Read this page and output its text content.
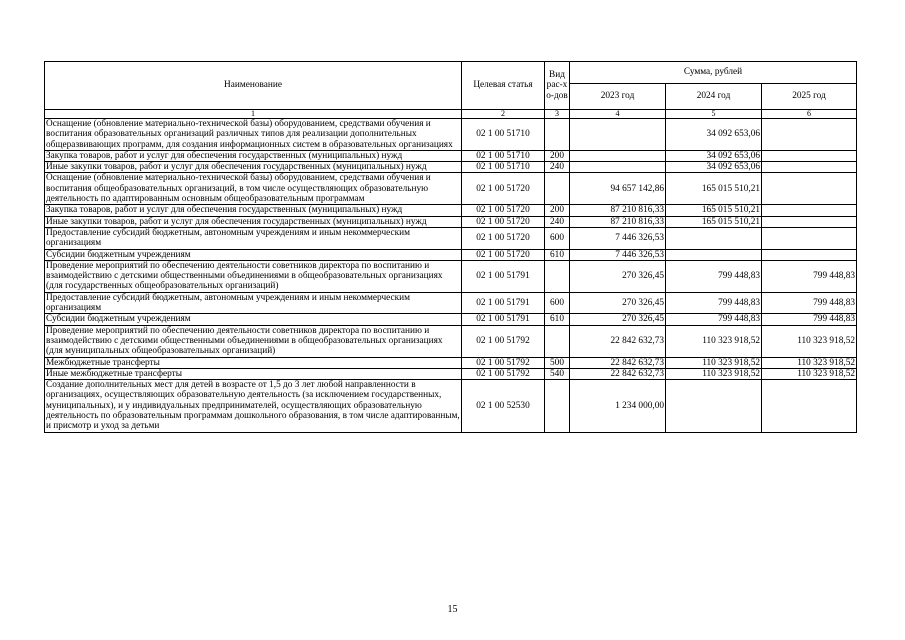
Наименование	Целевая статья	Вид рас-хо-дов	Сумма, рублей		
			2023 год	2024 год	2025 год
1	2	3	4	5	6
Оснащение (обновление материально-технической базы) оборудованием, средствами обучения и воспитания образовательных организаций различных типов для реализации дополнительных общеразвивающих программ, для создания информационных систем в образовательных организациях	02 1 00 51710			34 092 653,06	
Закупка товаров, работ и услуг для обеспечения государственных (муниципальных) нужд	02 1 00 51710	200		34 092 653,06	
Иные закупки товаров, работ и услуг для обеспечения государственных (муниципальных) нужд	02 1 00 51710	240		34 092 653,06	
Оснащение (обновление материально-технической базы) оборудованием, средствами обучения и воспитания общеобразовательных организаций, в том числе осуществляющих образовательную деятельность по адаптированным основным общеобразовательным программам	02 1 00 51720		94 657 142,86	165 015 510,21	
Закупка товаров, работ и услуг для обеспечения государственных (муниципальных) нужд	02 1 00 51720	200	87 210 816,33	165 015 510,21	
Иные закупки товаров, работ и услуг для обеспечения государственных (муниципальных) нужд	02 1 00 51720	240	87 210 816,33	165 015 510,21	
Предоставление субсидий бюджетным, автономным учреждениям и иным некоммерческим организациям	02 1 00 51720	600	7 446 326,53		
Субсидии бюджетным учреждениям	02 1 00 51720	610	7 446 326,53		
Проведение мероприятий по обеспечению деятельности советников директора по воспитанию и взаимодействию с детскими общественными объединениями в общеобразовательных организациях (для государственных общеобразовательных организаций)	02 1 00 51791		270 326,45	799 448,83	799 448,83
Предоставление субсидий бюджетным, автономным учреждениям и иным некоммерческим организациям	02 1 00 51791	600	270 326,45	799 448,83	799 448,83
Субсидии бюджетным учреждениям	02 1 00 51791	610	270 326,45	799 448,83	799 448,83
Проведение мероприятий по обеспечению деятельности советников директора по воспитанию и взаимодействию с детскими общественными объединениями в общеобразовательных организациях (для муниципальных общеобразовательных организаций)	02 1 00 51792		22 842 632,73	110 323 918,52	110 323 918,52
Межбюджетные трансферты	02 1 00 51792	500	22 842 632,73	110 323 918,52	110 323 918,52
Иные межбюджетные трансферты	02 1 00 51792	540	22 842 632,73	110 323 918,52	110 323 918,52
Создание дополнительных мест для детей в возрасте от 1,5 до 3 лет любой направленности в организациях, осуществляющих образовательную деятельность (за исключением государственных, муниципальных), и у индивидуальных предпринимателей, осуществляющих образовательную деятельность по образовательным программам дошкольного образования, в том числе адаптированным, и присмотр и уход за детьми	02 1 00 52530		1 234 000,00		
15
